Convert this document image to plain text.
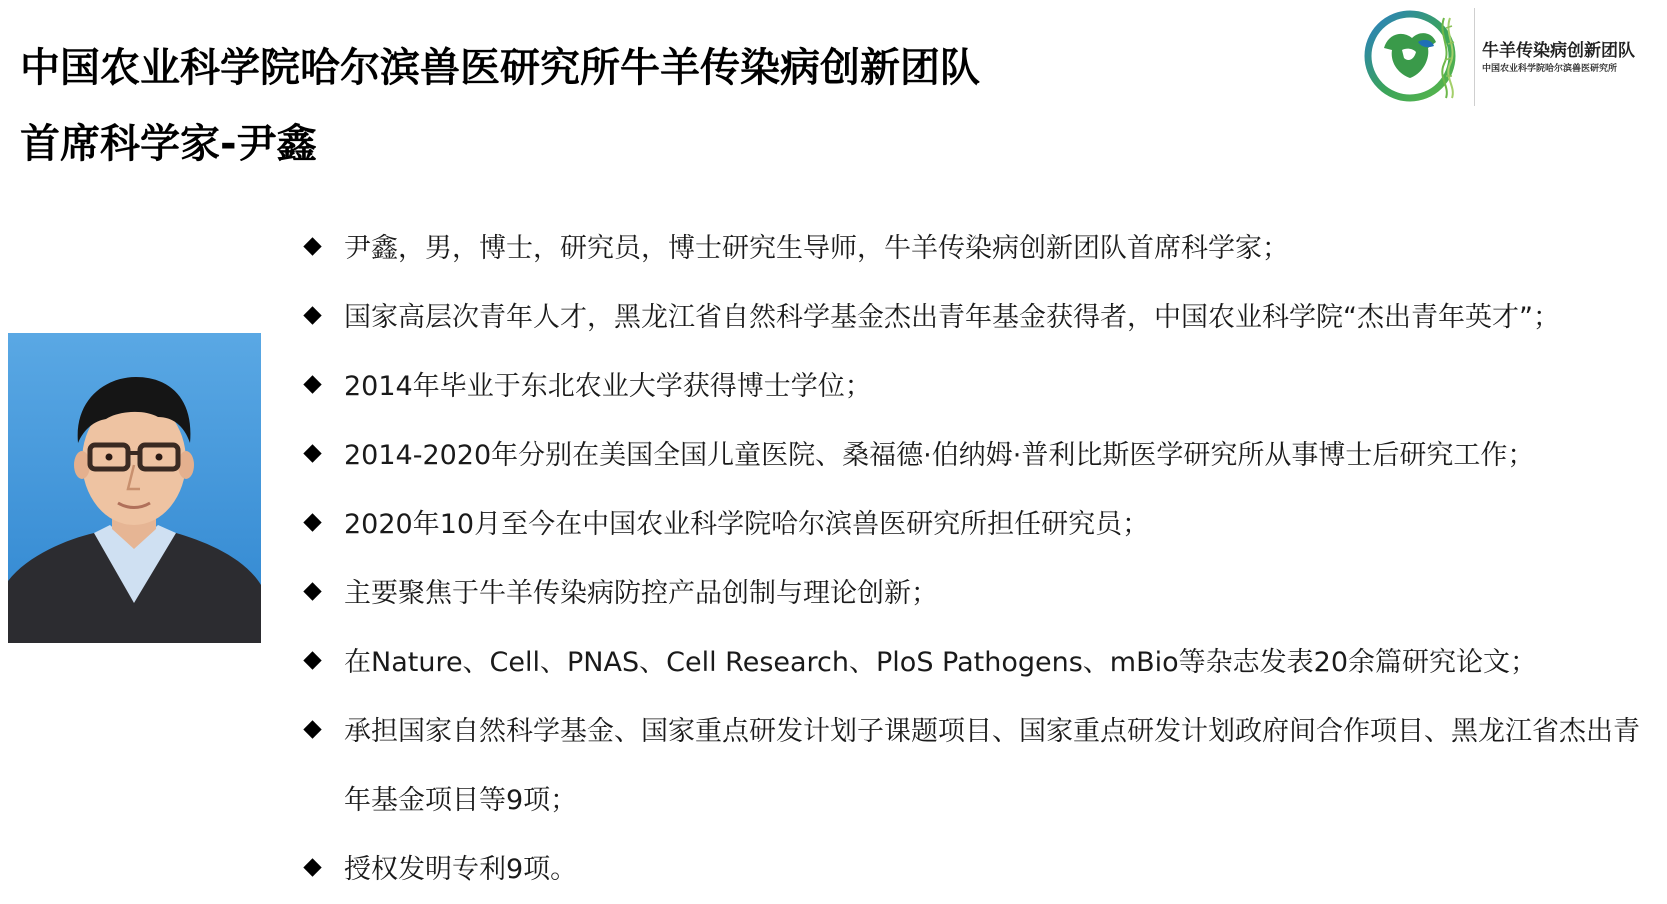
中国农业科学院哈尔滨兽医研究所牛羊传染病创新团队
首席科学家-尹鑫
牛羊传染病创新团队
中国农业科学院哈尔滨兽医研究所
尹鑫，男，博士，研究员，博士研究生导师，牛羊传染病创新团队首席科学家；
国家高层次青年人才，黑龙江省自然科学基金杰出青年基金获得者，中国农业科学院“杰出青年英才”；
2014年毕业于东北农业大学获得博士学位；
2014-2020年分别在美国全国儿童医院、桑福德·伯纳姆·普利比斯医学研究所从事博士后研究工作；
2020年10月至今在中国农业科学院哈尔滨兽医研究所担任研究员；
主要聚焦于牛羊传染病防控产品创制与理论创新；
在Nature、Cell、PNAS、Cell Research、PloS Pathogens、mBio等杂志发表20余篇研究论文；
承担国家自然科学基金、国家重点研发计划子课题项目、国家重点研发计划政府间合作项目、黑龙江省杰出青年基金项目等9项；
授权发明专利9项。
